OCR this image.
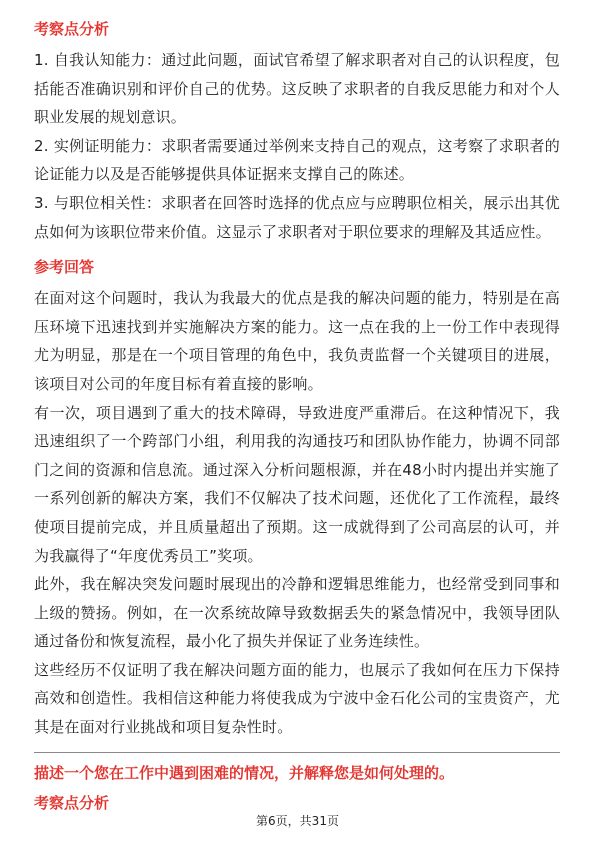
考察点分析

1. 自我认知能力：通过此问题，面试官希望了解求职者对自己的认识程度，包括能否准确识别和评价自己的优势。这反映了求职者的自我反思能力和对个人职业发展的规划意识。

2. 实例证明能力：求职者需要通过举例来支持自己的观点，这考察了求职者的论证能力以及是否能够提供具体证据来支撑自己的陈述。

3. 与职位相关性：求职者在回答时选择的优点应与应聘职位相关，展示出其优点如何为该职位带来价值。这显示了求职者对于职位要求的理解及其适应性。

参考回答

在面对这个问题时，我认为我最大的优点是我的解决问题的能力，特别是在高压环境下迅速找到并实施解决方案的能力。这一点在我的上一份工作中表现得尤为明显，那是在一个项目管理的角色中，我负责监督一个关键项目的进展，该项目对公司的年度目标有着直接的影响。

有一次，项目遇到了重大的技术障碍，导致进度严重滞后。在这种情况下，我迅速组织了一个跨部门小组，利用我的沟通技巧和团队协作能力，协调不同部门之间的资源和信息流。通过深入分析问题根源，并在48小时内提出并实施了一系列创新的解决方案，我们不仅解决了技术问题，还优化了工作流程，最终使项目提前完成，并且质量超出了预期。这一成就得到了公司高层的认可，并为我赢得了“年度优秀员工”奖项。

此外，我在解决突发问题时展现出的冷静和逻辑思维能力，也经常受到同事和上级的赞扬。例如，在一次系统故障导致数据丢失的紧急情况中，我领导团队通过备份和恢复流程，最小化了损失并保证了业务连续性。

这些经历不仅证明了我在解决问题方面的能力，也展示了我如何在压力下保持高效和创造性。我相信这种能力将使我成为宁波中金石化公司的宝贵资产，尤其是在面对行业挑战和项目复杂性时。

描述一个您在工作中遇到困难的情况，并解释您是如何处理的。
考察点分析
第6页，共31页
